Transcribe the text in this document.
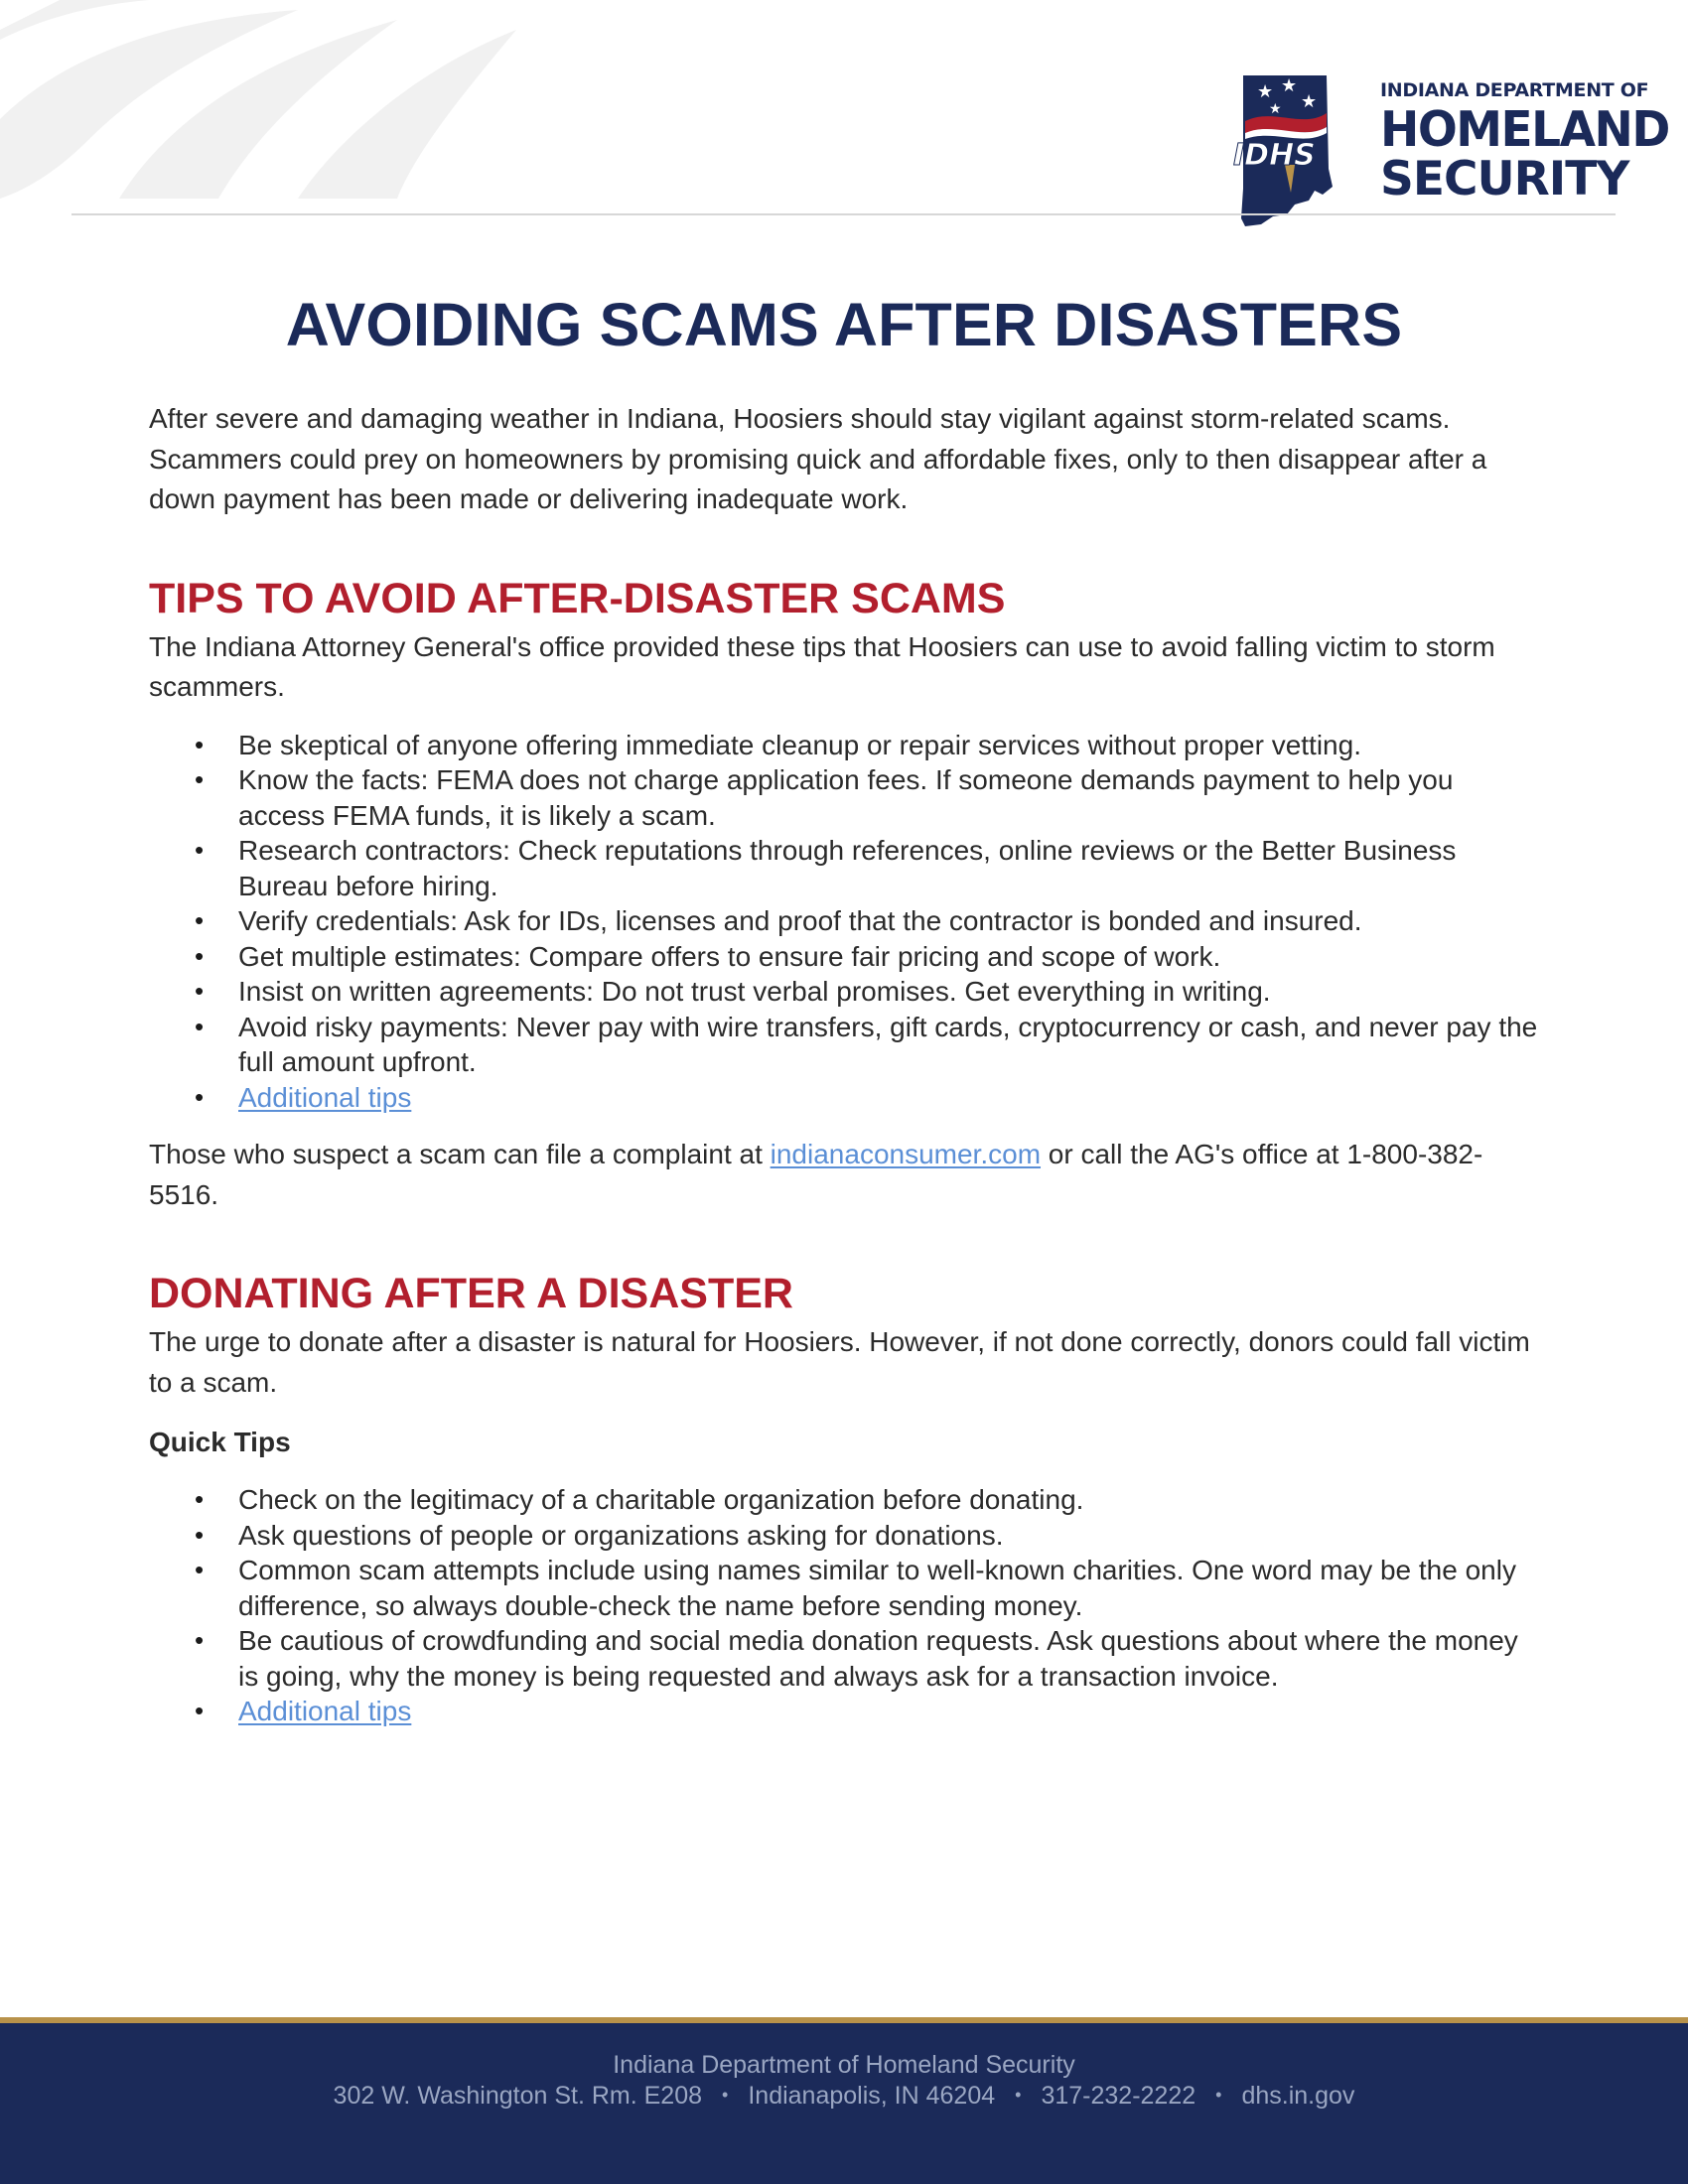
★ ★
★
★
IDHS
INDIANA DEPARTMENT OF
HOMELAND
SECURITY
AVOIDING SCAMS AFTER DISASTERS

After severe and damaging weather in Indiana, Hoosiers should stay vigilant against storm-related scams. Scammers could prey on homeowners by promising quick and affordable fixes, only to then disappear after a down payment has been made or delivering inadequate work.

TIPS TO AVOID AFTER-DISASTER SCAMS

The Indiana Attorney General's office provided these tips that Hoosiers can use to avoid falling victim to storm scammers.

• Be skeptical of anyone offering immediate cleanup or repair services without proper vetting.
• Know the facts: FEMA does not charge application fees. If someone demands payment to help you access FEMA funds, it is likely a scam.
• Research contractors: Check reputations through references, online reviews or the Better Business Bureau before hiring.
• Verify credentials: Ask for IDs, licenses and proof that the contractor is bonded and insured.
• Get multiple estimates: Compare offers to ensure fair pricing and scope of work.
• Insist on written agreements: Do not trust verbal promises. Get everything in writing.
• Avoid risky payments: Never pay with wire transfers, gift cards, cryptocurrency or cash, and never pay the full amount upfront.
• Additional tips

Those who suspect a scam can file a complaint at indianaconsumer.com or call the AG's office at 1-800-382-5516.

DONATING AFTER A DISASTER

The urge to donate after a disaster is natural for Hoosiers. However, if not done correctly, donors could fall victim to a scam.

Quick Tips

• Check on the legitimacy of a charitable organization before donating.
• Ask questions of people or organizations asking for donations.
• Common scam attempts include using names similar to well-known charities. One word may be the only difference, so always double-check the name before sending money.
• Be cautious of crowdfunding and social media donation requests. Ask questions about where the money is going, why the money is being requested and always ask for a transaction invoice.
• Additional tips
Indiana Department of Homeland Security
302 W. Washington St. Rm. E208 • Indianapolis, IN 46204 • 317-232-2222 • dhs.in.gov
